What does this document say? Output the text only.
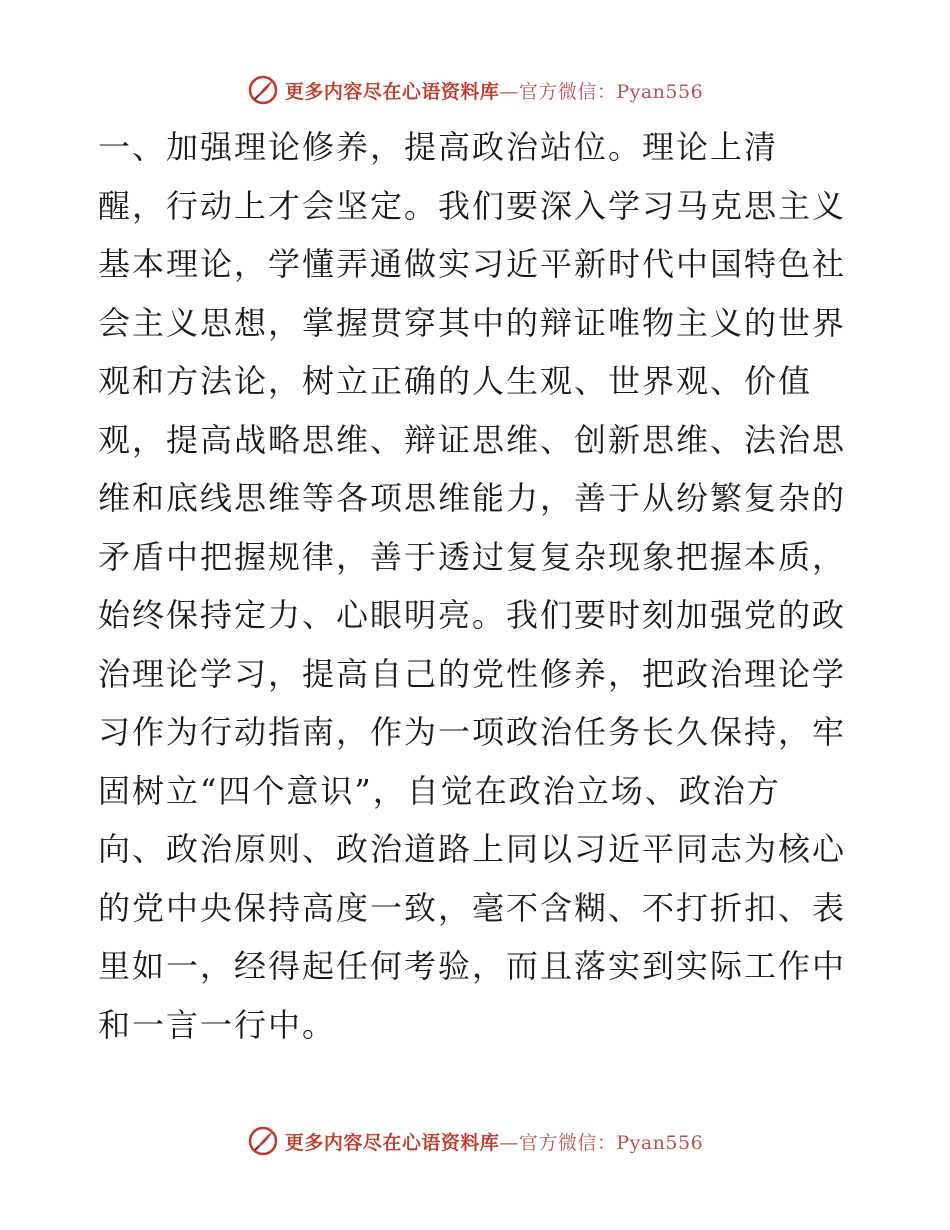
更多内容尽在心语资料库—官方微信：Pyan556
一、加强理论修养，提高政治站位。理论上清
醒，行动上才会坚定。我们要深入学习马克思主义
基本理论，学懂弄通做实习近平新时代中国特色社
会主义思想，掌握贯穿其中的辩证唯物主义的世界
观和方法论，树立正确的人生观、世界观、价值
观，提高战略思维、辩证思维、创新思维、法治思
维和底线思维等各项思维能力，善于从纷繁复杂的
矛盾中把握规律，善于透过复复杂现象把握本质，
始终保持定力、心眼明亮。我们要时刻加强党的政
治理论学习，提高自己的党性修养，把政治理论学
习作为行动指南，作为一项政治任务长久保持，牢
固树立“四个意识”，自觉在政治立场、政治方
向、政治原则、政治道路上同以习近平同志为核心
的党中央保持高度一致，毫不含糊、不打折扣、表
里如一，经得起任何考验，而且落实到实际工作中
和一言一行中。
更多内容尽在心语资料库—官方微信：Pyan556
